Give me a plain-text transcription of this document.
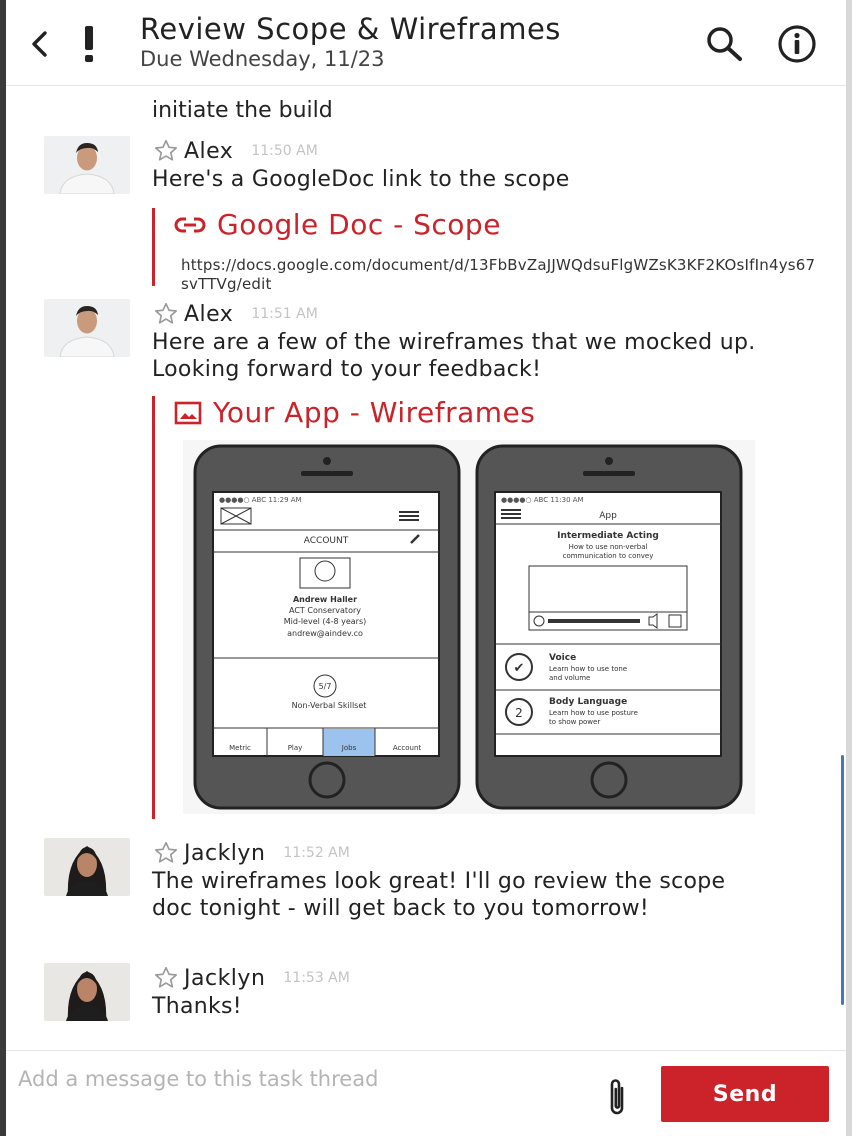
Review Scope & Wireframes
Due Wednesday, 11/23

initiate the build
Alex 11:50 AM
Here's a GoogleDoc link to the scope
Google Doc - Scope
https://docs.google.com/document/d/13FbBvZaJJWQdsuFlgWZsK3KF2KOsIfIn4ys67svTTVg/edit
Alex 11:51 AM
Here are a few of the wireframes that we mocked up. Looking forward to your feedback!
Your App - Wireframes
●●●●○ ABC 11:29 AM
ACCOUNT
Andrew Haller
ACT Conservatory
Mid-level (4-8 years)
andrew@aindev.co
5/7
Non-Verbal Skillset
Metric	Play	Jobs	Account
●●●●○ ABC 11:30 AM
App
Intermediate Acting
How to use non-verbal
communication to convey
✔
Voice
Learn how to use tone
and volume
2
Body Language
Learn how to use posture
to show power
Jacklyn 11:52 AM
The wireframes look great! I'll go review the scope doc tonight - will get back to you tomorrow!
Jacklyn 11:53 AM
Thanks!
Add a message to this task thread
Send
